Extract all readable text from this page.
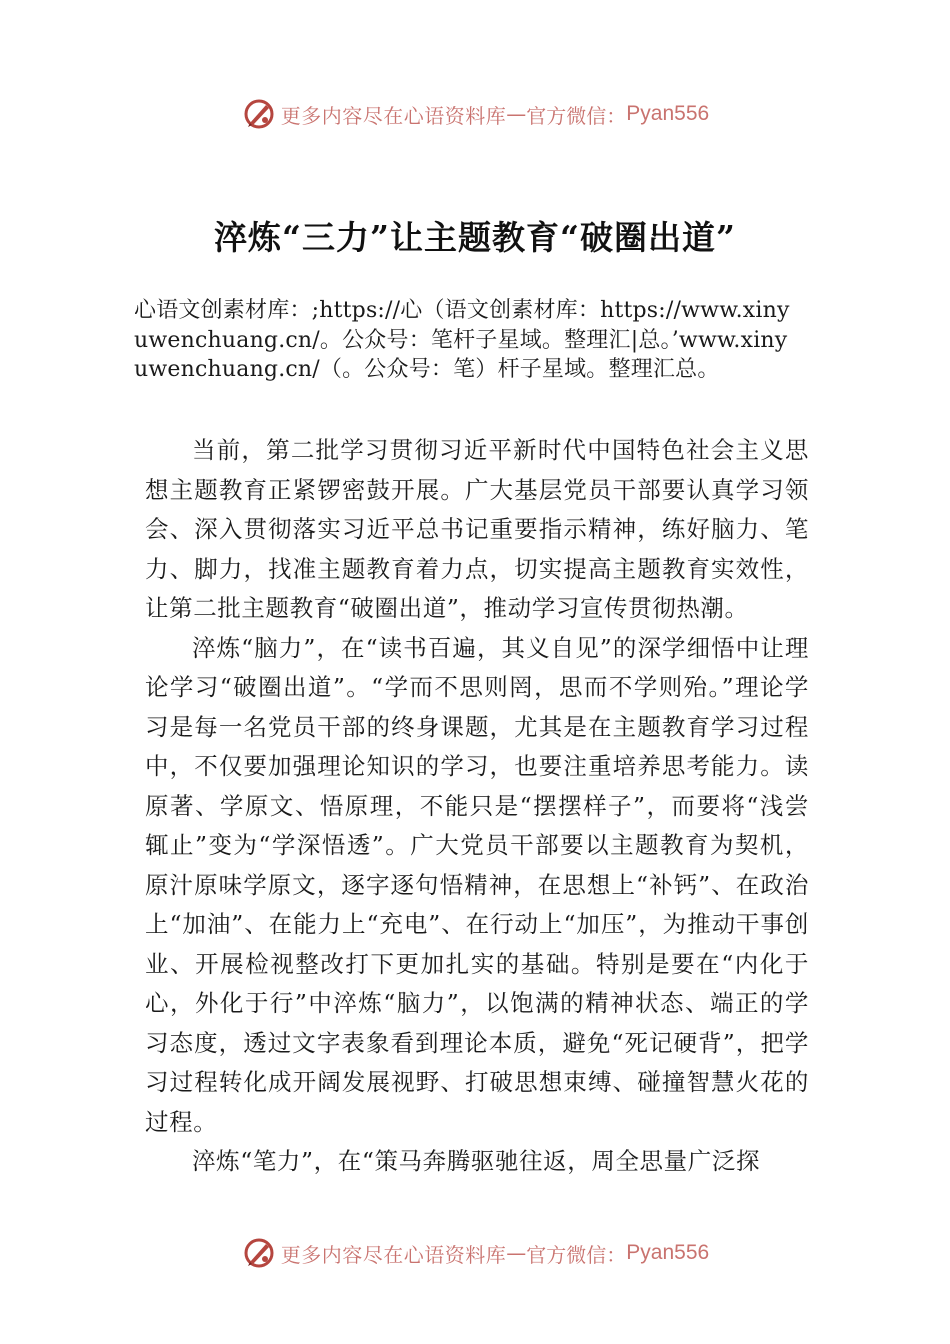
更多内容尽在心语资料库 — 官方微信： Pyan556
淬炼“三力”让主题教育“破圈出道”

心语文创素材库：;https://心（语文创素材库：https://www.xinyuwenchuang.cn/。公众号：笔杆子星域。整理汇|总。’www.xinyuwenchuang.cn/（。公众号：笔）杆子星域。整理汇总。

当前，第二批学习贯彻习近平新时代中国特色社会主义思想主题教育正紧锣密鼓开展。广大基层党员干部要认真学习领会、深入贯彻落实习近平总书记重要指示精神，练好脑力、笔力、脚力，找准主题教育着力点，切实提高主题教育实效性，让第二批主题教育“破圈出道”，推动学习宣传贯彻热潮。

淬炼“脑力”，在“读书百遍，其义自见”的深学细悟中让理论学习“破圈出道”。“学而不思则罔，思而不学则殆。”理论学习是每一名党员干部的终身课题，尤其是在主题教育学习过程中，不仅要加强理论知识的学习，也要注重培养思考能力。读原著、学原文、悟原理，不能只是“摆摆样子”，而要将“浅尝辄止”变为“学深悟透”。广大党员干部要以主题教育为契机，原汁原味学原文，逐字逐句悟精神，在思想上“补钙”、在政治上“加油”、在能力上“充电”、在行动上“加压”，为推动干事创业、开展检视整改打下更加扎实的基础。特别是要在“内化于心，外化于行”中淬炼“脑力”，以饱满的精神状态、端正的学习态度，透过文字表象看到理论本质，避免“死记硬背”，把学习过程转化成开阔发展视野、打破思想束缚、碰撞智慧火花的过程。

淬炼“笔力”，在“策马奔腾驱驰往返，周全思量广泛探

更多内容尽在心语资料库 — 官方微信： Pyan556
